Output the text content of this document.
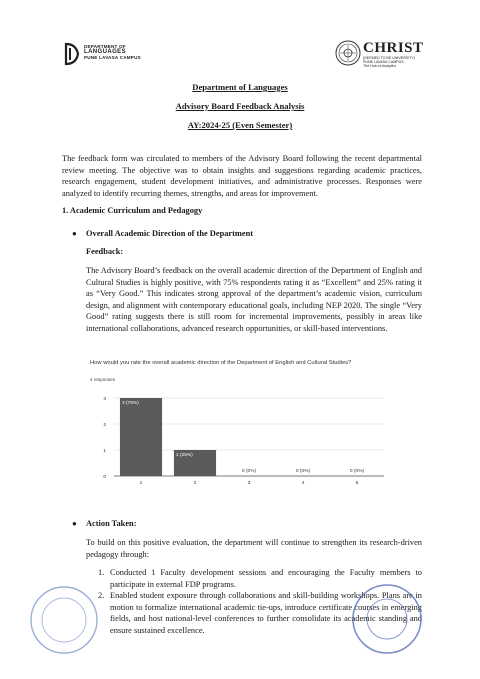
DEPARTMENT OF
LANGUAGES
PUNE LAVASA CAMPUS
CHRIST
(DEEMED TO BE UNIVERSITY)
PUNE LAVASA CAMPUS
The Hub of Analytics
Department of Languages
Advisory Board Feedback Analysis
AY:2024-25 (Even Semester)

The feedback form was circulated to members of the Advisory Board following the recent departmental review meeting. The objective was to obtain insights and suggestions regarding academic practices, research engagement, student development initiatives, and administrative processes. Responses were analyzed to identify recurring themes, strengths, and areas for improvement.

1. Academic Curriculum and Pedagogy
● Overall Academic Direction of the Department
Feedback:

The Advisory Board’s feedback on the overall academic direction of the Department of English and Cultural Studies is highly positive, with 75% respondents rating it as “Excellent” and 25% rating it as “Very Good.” This indicates strong approval of the department’s academic vision, curriculum design, and alignment with contemporary educational goals, including NEP 2020. The single “Very Good” rating suggests there is still room for incremental improvements, possibly in areas like international collaborations, advanced research opportunities, or skill-based interventions.

How would you rate the overall academic direction of the Department of English and Cultural Studies?
4 responses
0
1
2
3
3 (75%)
1
1 (25%)
2
0 (0%)
3
0 (0%)
4
0 (0%)
5
● Action Taken:

To build on this positive evaluation, the department will continue to strengthen its research-driven pedagogy through:

1. Conducted 1 Faculty development sessions and encouraging the Faculty members to participate in external FDP programs.

2. Enabled student exposure through collaborations and skill-building workshops. Plans are in motion to formalize international academic tie-ups, introduce certificate courses in emerging fields, and host national-level conferences to further consolidate its academic standing and ensure sustained excellence.
